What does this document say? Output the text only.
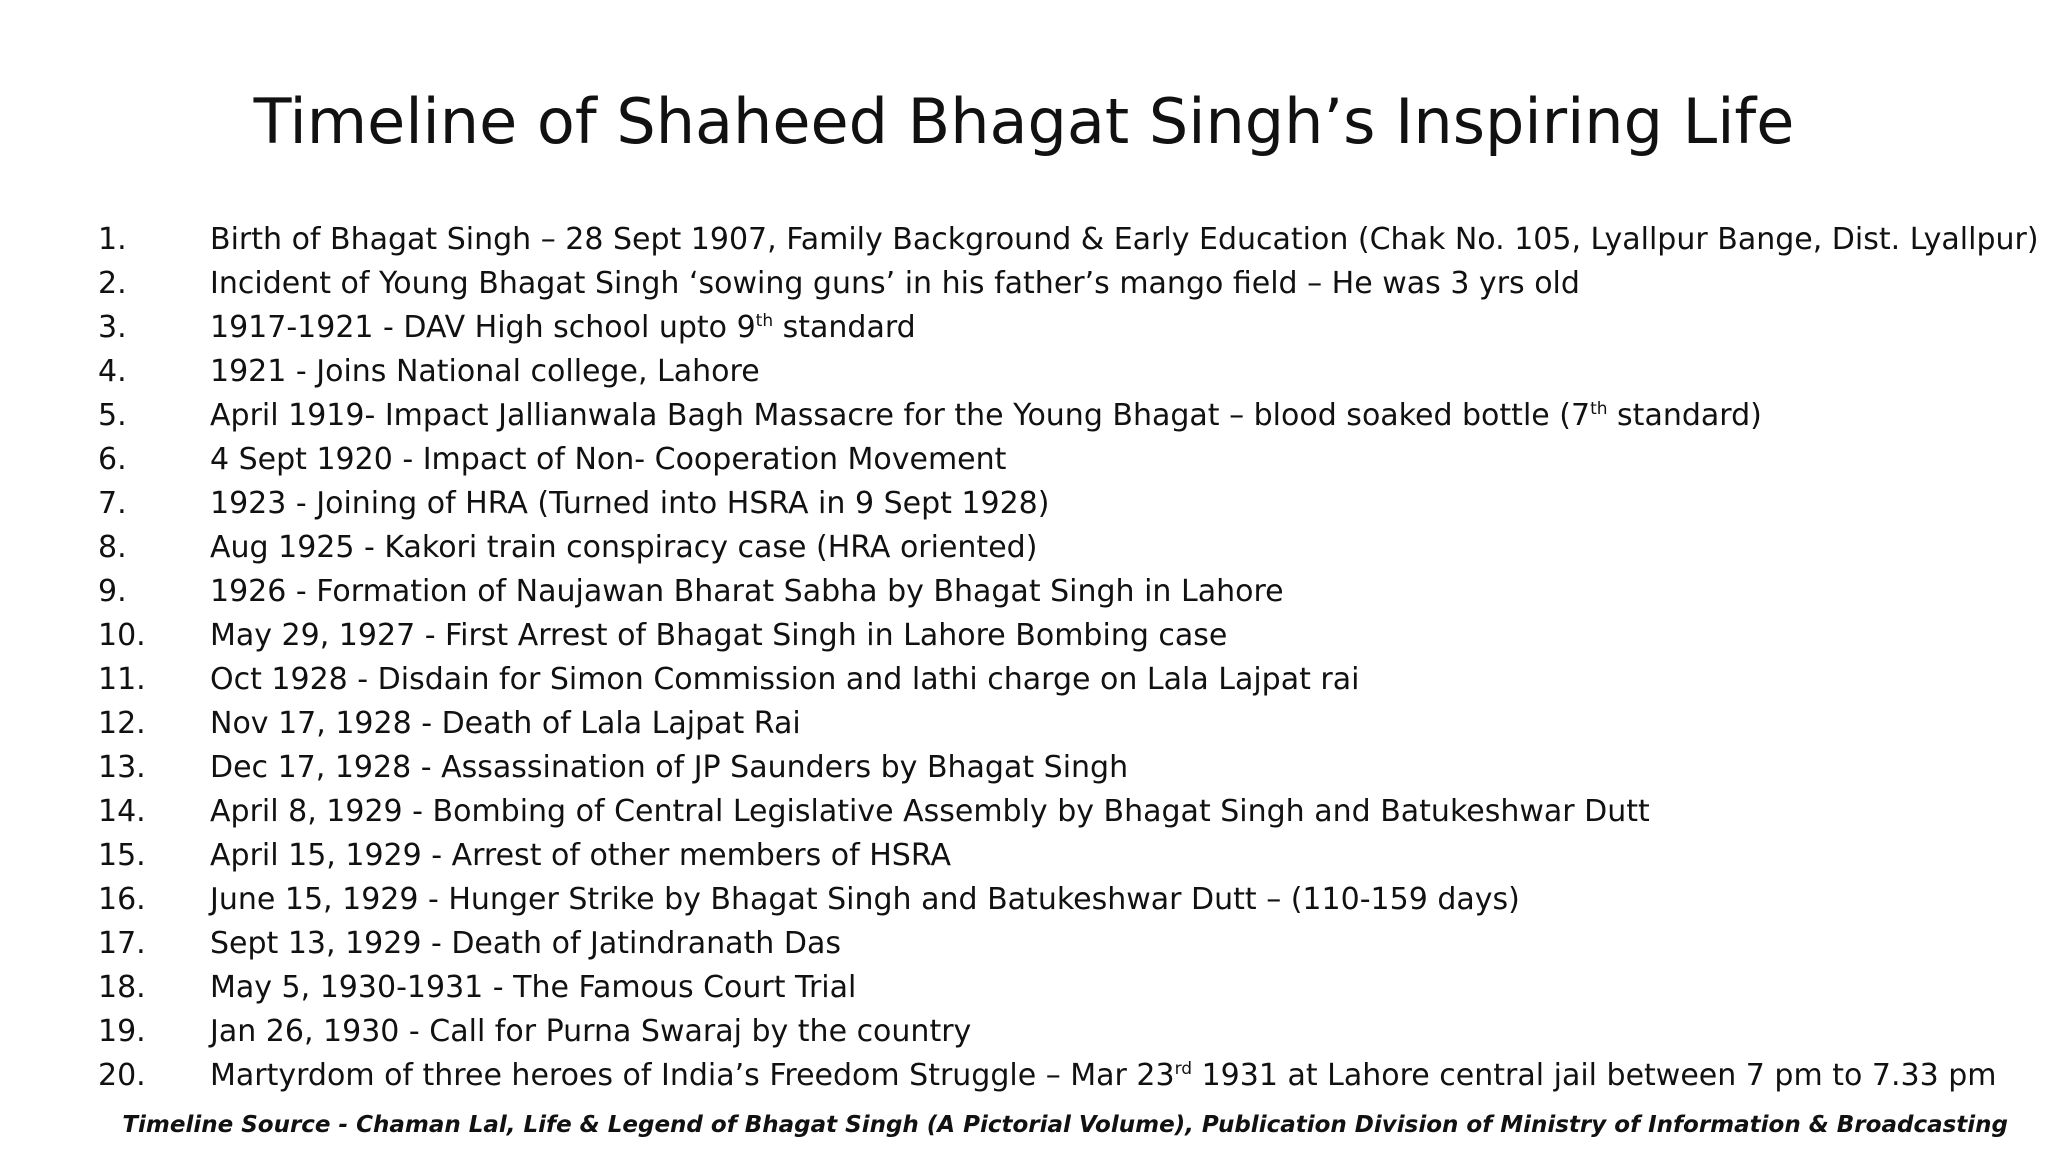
Timeline of Shaheed Bhagat Singh’s Inspiring Life
1.	Birth of Bhagat Singh – 28 Sept 1907, Family Background & Early Education (Chak No. 105, Lyallpur Bange, Dist. Lyallpur)
2.	Incident of Young Bhagat Singh ‘sowing guns’ in his father’s mango field – He was 3 yrs old
3.	1917-1921 - DAV High school upto 9th standard
4.	1921 - Joins National college, Lahore
5.	April 1919- Impact Jallianwala Bagh Massacre for the Young Bhagat – blood soaked bottle (7th standard)
6.	4 Sept 1920 - Impact of Non- Cooperation Movement
7.	1923 - Joining of HRA (Turned into HSRA in 9 Sept 1928)
8.	Aug 1925 - Kakori train conspiracy case (HRA oriented)
9.	1926 - Formation of Naujawan Bharat Sabha by Bhagat Singh in Lahore
10.	May 29, 1927 - First Arrest of Bhagat Singh in Lahore Bombing case
11.	Oct 1928 - Disdain for Simon Commission and lathi charge on Lala Lajpat rai
12.	Nov 17, 1928 - Death of Lala Lajpat Rai
13.	Dec 17, 1928 - Assassination of JP Saunders by Bhagat Singh
14.	April 8, 1929 - Bombing of Central Legislative Assembly by Bhagat Singh and Batukeshwar Dutt
15.	April 15, 1929 - Arrest of other members of HSRA
16.	June 15, 1929 - Hunger Strike by Bhagat Singh and Batukeshwar Dutt – (110-159 days)
17.	Sept 13, 1929 - Death of Jatindranath Das
18.	May 5, 1930-1931 - The Famous Court Trial
19.	Jan 26, 1930 - Call for Purna Swaraj by the country
20.	Martyrdom of three heroes of India’s Freedom Struggle – Mar 23rd 1931 at Lahore central jail between 7 pm to 7.33 pm
Timeline Source - Chaman Lal, Life & Legend of Bhagat Singh (A Pictorial Volume), Publication Division of Ministry of Information & Broadcasting
